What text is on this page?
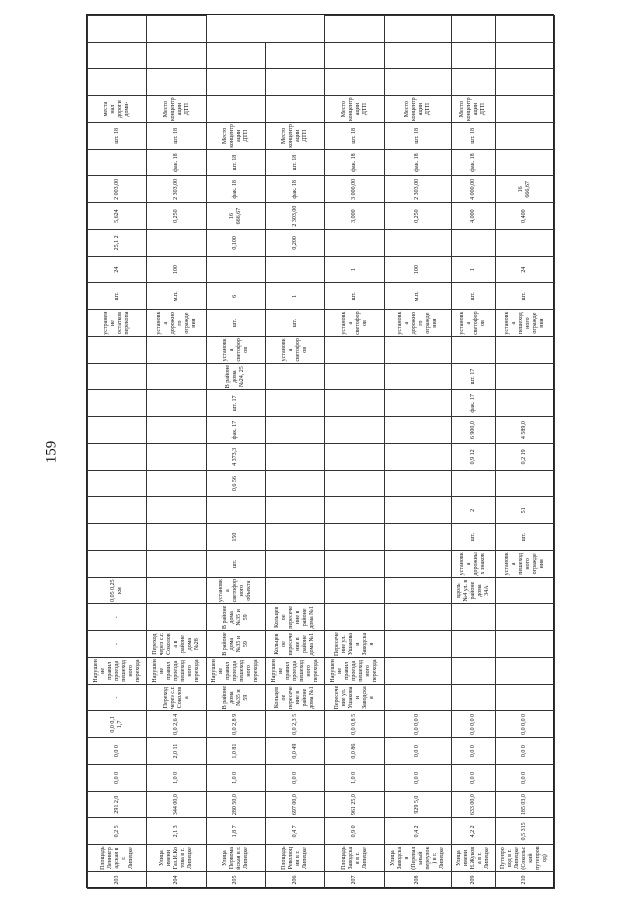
159
203	Площадь Ленинградская в г. Липецке	0,2 5	291 2,0	0,0 0	0,0 0	0,0 0,1 1,7	-	Нарушение правил проезда пешеходного перехода	-	-	0,05 0,25 км										устранение остатков перекопа	шт.	24	25,1 2	5,624	2 003,00		шт. 18	места нал дороги доми-			
204	Улица имени Газ.И.Котова в г. Липецке	2,1 3	344 00,0	1,0 0	2,0 11	0,0 2,6 4	Переход через с.г. Соколова	Нарушение правил проезда пешеходного перехода	Переход через с.г. Соколова в районе дома №28												установка дорожного ограждения	м.п.	100		0,250	2 303,00	фак. 18	шт. 18	Место концентрации ДТП			
205	Улица Первомайская в г. Липецке	1,8 7	280 50,0	1,0 0	1,0 81	0,0 2,8 9	В районе дома №35 и 59	Нарушение правил проезда пешеходного перехода	В районе дома №35 и 59	В районе дома №35 и 59	установка светофорного объекта	шт.	150		0,6 56	4 373,3	фак. 17	шт. 17	В районе дома №24, 25	установка светофоров	шт.	6		0,100	16 666,67	фак. 18	шт. 18	Место концентрации ДТП				
206	Площадь Революции в г. Липецке	0,4 7	697 00,0	0,0 0	0,0 49	0,0 2,3 5	Кольцевое пересечение в районе дома №1	Нарушение правил проезда пешеходного перехода	Кольцевое пересечение в районе дома №1	Кольцевое пересечение в районе дома №1										установка светофоров	шт.	1		0,200	2 303,00	фак. 18	шт. 18	Место концентрации ДТП				
207	Площадь Заводская в г. Липецке	0,9 0	961 25,0	1,0 0	0,0 86	0,0 0,8 5	Пересечение ул. Ушакова и Заводская	Нарушение правил проезда пешеходного перехода	Пересечение ул. Ушакова и Заводская												установка светофоров	шт.	1		3,000	3 000,00	фак. 18	шт. 18	Место концентрации ДТП			
208	Улица Заводская (Перевальный переулок) в г. Липецке	0,4 2	929 5,0	0,0 0	0,0 0	0,0 0,0 0															установка дорожного ограждения	м.п.	100		0,250	2 303,00	фак. 18	шт. 18	Место концентрации ДТП			
209	Улица имени Н.Жукова в г. Липецке	4,2 2	633 00,0	0,0 0	0,0 0	0,0 0,0 0					вдоль №4 ул. в районе дома 34А	установка дорожных знаков	шт.	2		0,9 12	6 900,0	фак. 17	шт. 17		установка светофоров	шт.	1		4,000	4 000,00	фак. 18	шт. 18	Место концентрации ДТП			
210	Путепровод в г. Липецке (Сокольский путепровод)	0,5 315	185 03,0	0,0 0	0,0 0	0,0 0,0 0						установка пешеходного ограждения	шт.	51		0,2 19	4 589,0				установка пешеходного ограждения	шт.	24		0,400	16 666,67						
